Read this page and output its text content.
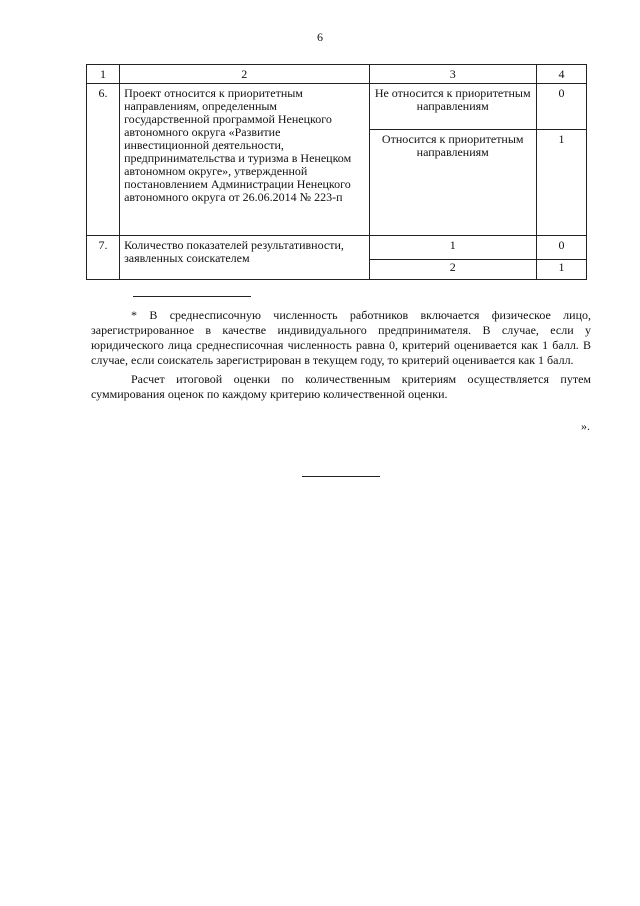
6
1	2	3	4
6.	Проект относится к приоритетным направлениям, определенным государственной программой Ненецкого автономного округа «Развитие инвестиционной деятельности, предпринимательства и туризма в Ненецком автономном округе», утвержденной постановлением Администрации Ненецкого автономного округа от 26.06.2014 № 223-п	Не относится к приоритетным направлениям	0
		Относится к приоритетным направлениям	1
7.	Количество показателей результативности, заявленных соискателем	1	0
		2	1

* В среднесписочную численность работников включается физическое лицо, зарегистрированное в качестве индивидуального предпринимателя. В случае, если у юридического лица среднесписочная численность равна 0, критерий оценивается как 1 балл. В случае, если соискатель зарегистрирован в текущем году, то критерий оценивается как 1 балл.

Расчет итоговой оценки по количественным критериям осуществляется путем суммирования оценок по каждому критерию количественной оценки.

».
